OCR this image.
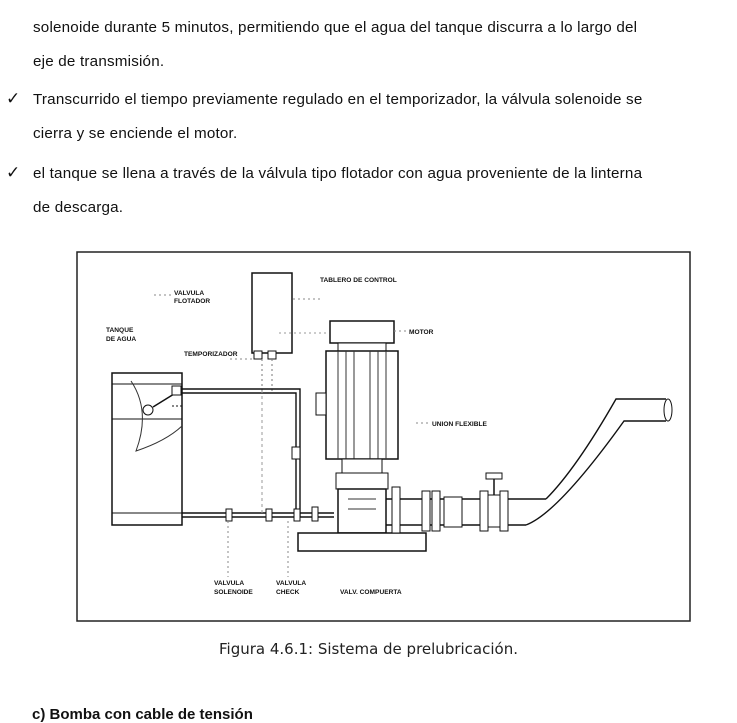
solenoide durante 5 minutos, permitiendo que el agua del tanque discurra a lo largo del
eje de transmisión.
✓ Transcurrido el tiempo previamente regulado en el temporizador, la válvula solenoide se
cierra y se enciende el motor.
✓ el tanque se llena a través de la válvula tipo flotador con agua proveniente de la linterna
de descarga.
TABLERO DE CONTROL
VALVULA
FLOTADOR
TANQUE
DE AGUA
TEMPORIZADOR
MOTOR
UNION FLEXIBLE
VALVULA
SOLENOIDE
VALVULA
CHECK	VALV. COMPUERTA
Figura 4.6.1: Sistema de prelubricación.
c) Bomba con cable de tensión
